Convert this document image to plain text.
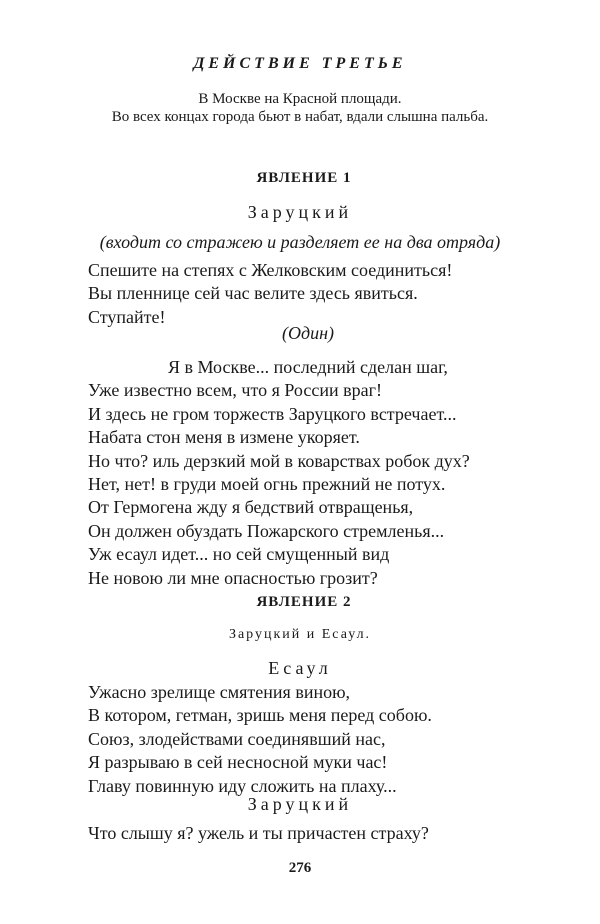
ДЕЙСТВИЕ ТРЕТЬЕ
В Москве на Красной площади.
Во всех концах города бьют в набат, вдали слышна пальба.
ЯВЛЕНИЕ 1
Заруцкий
(входит со стражею и разделяет ее на два отряда)
Спешите на степях с Желковским соединиться!
Вы пленнице сей час велите здесь явиться.
Ступайте!
(Один)
Я в Москве... последний сделан шаг,
Уже известно всем, что я России враг!
И здесь не гром торжеств Заруцкого встречает...
Набата стон меня в измене укоряет.
Но что? иль дерзкий мой в коварствах робок дух?
Нет, нет! в груди моей огнь прежний не потух.
От Гермогена жду я бедствий отвращенья,
Он должен обуздать Пожарского стремленья...
Уж есаул идет... но сей смущенный вид
Не новою ли мне опасностью грозит?
ЯВЛЕНИЕ 2
Заруцкий и Есаул.
Есаул
Ужасно зрелище смятения виною,
В котором, гетман, зришь меня перед собою.
Союз, злодействами соединявший нас,
Я разрываю в сей несносной муки час!
Главу повинную иду сложить на плаху...
Заруцкий
Что слышу я? ужель и ты причастен страху?
276
